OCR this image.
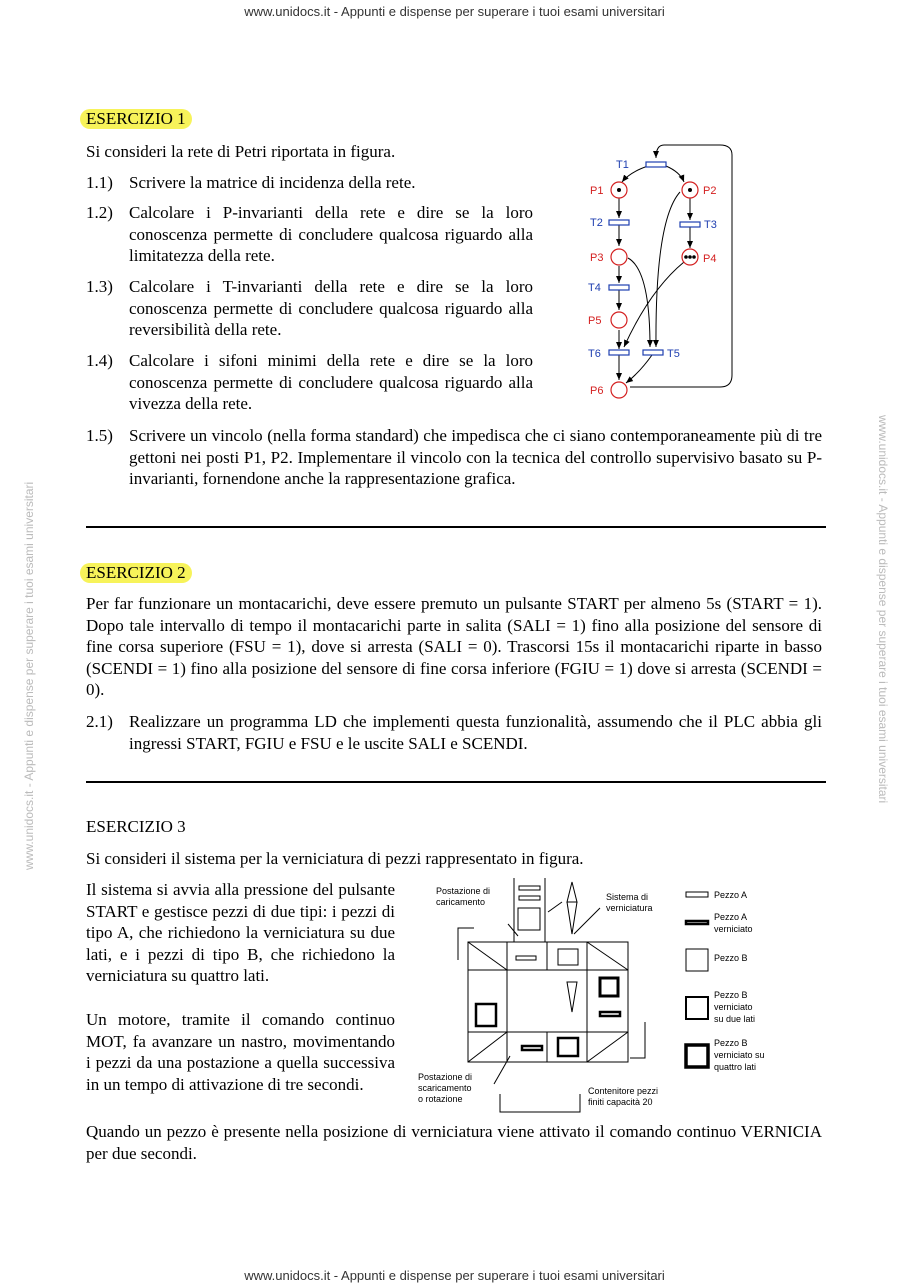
www.unidocs.it - Appunti e dispense per superare i tuoi esami universitari
www.unidocs.it - Appunti e dispense per superare i tuoi esami universitari
www.unidocs.it - Appunti e dispense per superare i tuoi esami universitari	www.unidocs.it - Appunti e dispense per superare i tuoi esami universitari
ESERCIZIO 1
Si consideri la rete di Petri riportata in figura.
1.1) Scrivere la matrice di incidenza della rete.
1.2) Calcolare i P-invarianti della rete e dire se la loro conoscenza permette di concludere qualcosa riguardo alla limitatezza della rete.
1.3) Calcolare i T-invarianti della rete e dire se la loro conoscenza permette di concludere qualcosa riguardo alla reversibilità della rete.
1.4) Calcolare i sifoni minimi della rete e dire se la loro conoscenza permette di concludere qualcosa riguardo alla vivezza della rete.
1.5) Scrivere un vincolo (nella forma standard) che impedisca che ci siano contemporaneamente più di tre gettoni nei posti P1, P2. Implementare il vincolo con la tecnica del controllo supervisivo basato su P-invarianti, fornendone anche la rappresentazione grafica.
T1
T2	T3
T4
T5
T6
P1	P2
P3	P4
P5
P6
ESERCIZIO 2
Per far funzionare un montacarichi, deve essere premuto un pulsante START per almeno 5s (START = 1). Dopo tale intervallo di tempo il montacarichi parte in salita (SALI = 1) fino alla posizione del sensore di fine corsa superiore (FSU = 1), dove si arresta (SALI = 0). Trascorsi 15s il montacarichi riparte in basso (SCENDI = 1) fino alla posizione del sensore di fine corsa inferiore (FGIU = 1) dove si arresta (SCENDI = 0).
2.1) Realizzare un programma LD che implementi questa funzionalità, assumendo che il PLC abbia gli ingressi START, FGIU e FSU e le uscite SALI e SCENDI.
ESERCIZIO 3
Si consideri il sistema per la verniciatura di pezzi rappresentato in figura.
Il sistema si avvia alla pressione del pulsante START e gestisce pezzi di due tipi: i pezzi di tipo A, che richiedono la verniciatura su due lati, e i pezzi di tipo B, che richiedono la verniciatura su quattro lati.
Un motore, tramite il comando continuo MOT, fa avanzare un nastro, movimentando i pezzi da una postazione a quella successiva in un tempo di attivazione di tre secondi.
Quando un pezzo è presente nella posizione di verniciatura viene attivato il comando continuo VERNICIA per due secondi.
Postazione di
caricamento	Sistema di
verniciatura
Postazione di
scaricamento
o rotazione
Contenitore pezzi
finiti capacità 20
Pezzo A
Pezzo A
verniciato
Pezzo B
Pezzo B
verniciato
su due lati
Pezzo B
verniciato su
quattro lati
